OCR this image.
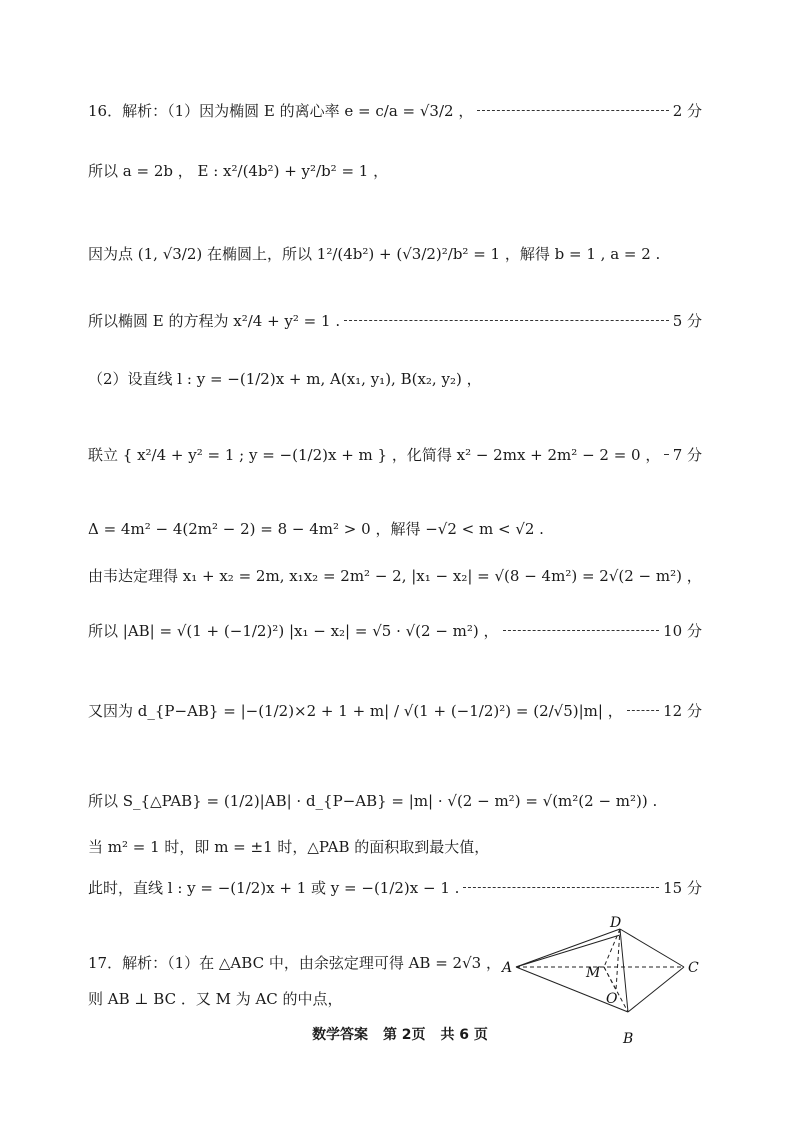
16．解析：（1）因为椭圆 E 的离心率 e = c/a = √3/2 ，	2 分
所以 a = 2b ， E : x²/(4b²) + y²/b² = 1 ，
因为点 (1, √3/2) 在椭圆上，所以 1²/(4b²) + (√3/2)²/b² = 1 ，解得 b = 1 , a = 2 .
所以椭圆 E 的方程为 x²/4 + y² = 1 .	5 分
（2）设直线 l : y = −(1/2)x + m, A(x₁, y₁), B(x₂, y₂) ，
联立 { x²/4 + y² = 1 ; y = −(1/2)x + m } ，化简得 x² − 2mx + 2m² − 2 = 0 ， 7 分
Δ = 4m² − 4(2m² − 2) = 8 − 4m² > 0 ，解得 −√2 < m < √2 .
由韦达定理得 x₁ + x₂ = 2m, x₁x₂ = 2m² − 2, |x₁ − x₂| = √(8 − 4m²) = 2√(2 − m²) ，
所以 |AB| = √(1 + (−1/2)²) |x₁ − x₂| = √5 · √(2 − m²) ，	10 分
又因为 d_{P−AB} = |−(1/2)×2 + 1 + m| / √(1 + (−1/2)²) = (2/√5)|m| ，	12 分
所以 S_{△PAB} = (1/2)|AB| · d_{P−AB} = |m| · √(2 − m²) = √(m²(2 − m²)) .
当 m² = 1 时，即 m = ±1 时，△PAB 的面积取到最大值，
此时，直线 l : y = −(1/2)x + 1 或 y = −(1/2)x − 1 .	15 分
17．解析：（1）在 △ABC 中，由余弦定理可得 AB = 2√3 ，
则 AB ⊥ BC ．又 M 为 AC 的中点，
A
B
C
D
M
O
数学答案 第 2页 共 6 页
